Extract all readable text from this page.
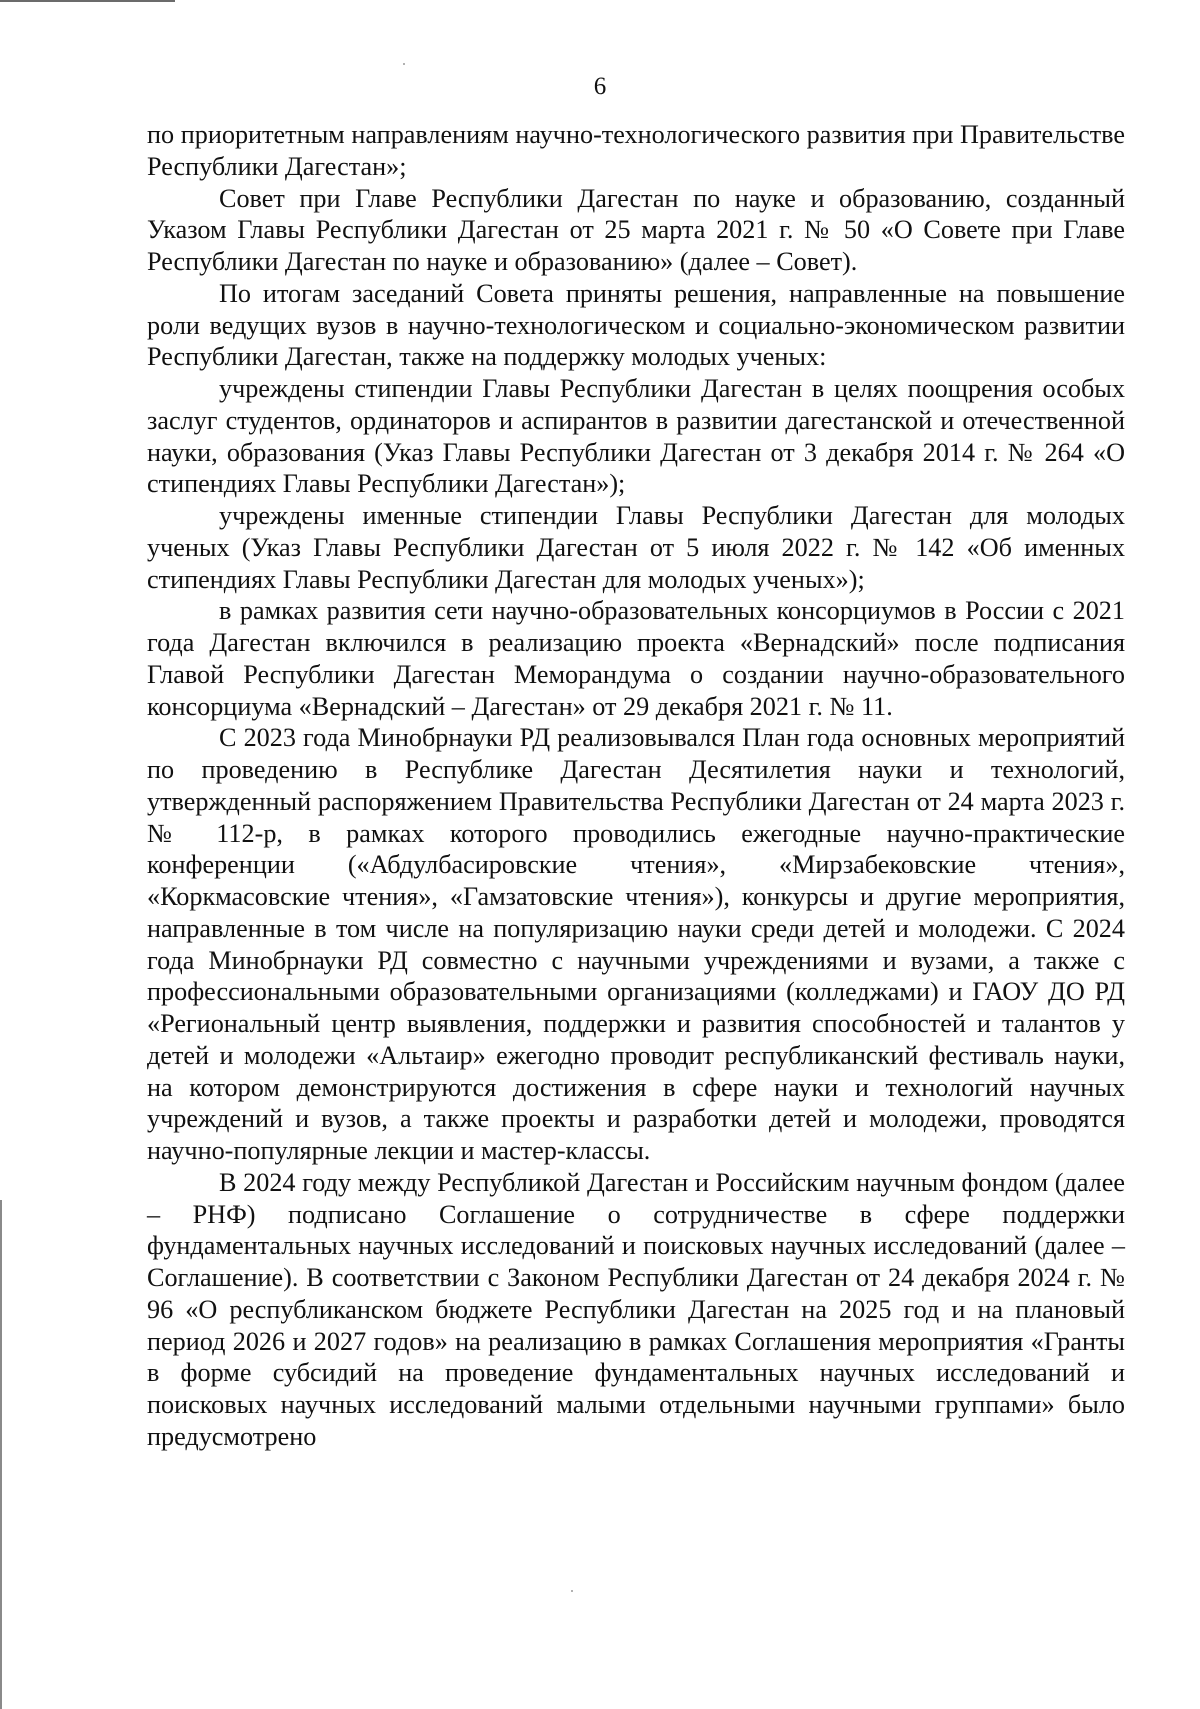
6

по приоритетным направлениям научно-технологического развития при Правительстве Республики Дагестан»;

Совет при Главе Республики Дагестан по науке и образованию, созданный Указом Главы Республики Дагестан от 25 марта 2021 г. № 50 «О Совете при Главе Республики Дагестан по науке и образованию» (далее – Совет).

По итогам заседаний Совета приняты решения, направленные на повышение роли ведущих вузов в научно-технологическом и социально-экономическом развитии Республики Дагестан, также на поддержку молодых ученых:

учреждены стипендии Главы Республики Дагестан в целях поощрения особых заслуг студентов, ординаторов и аспирантов в развитии дагестанской и отечественной науки, образования (Указ Главы Республики Дагестан от 3 декабря 2014 г. № 264 «О стипендиях Главы Республики Дагестан»);

учреждены именные стипендии Главы Республики Дагестан для молодых ученых (Указ Главы Республики Дагестан от 5 июля 2022 г. № 142 «Об именных стипендиях Главы Республики Дагестан для молодых ученых»);

в рамках развития сети научно-образовательных консорциумов в России с 2021 года Дагестан включился в реализацию проекта «Вернадский» после подписания Главой Республики Дагестан Меморандума о создании научно-образовательного консорциума «Вернадский – Дагестан» от 29 декабря 2021 г. № 11.

С 2023 года Минобрнауки РД реализовывался План года основных мероприятий по проведению в Республике Дагестан Десятилетия науки и технологий, утвержденный распоряжением Правительства Республики Дагестан от 24 марта 2023 г. № 112-р, в рамках которого проводились ежегодные научно-практические конференции («Абдулбасировские чтения», «Мирзабековские чтения», «Коркмасовские чтения», «Гамзатовские чтения»), конкурсы и другие мероприятия, направленные в том числе на популяризацию науки среди детей и молодежи. С 2024 года Минобрнауки РД совместно с научными учреждениями и вузами, а также с профессиональными образовательными организациями (колледжами) и ГАОУ ДО РД «Региональный центр выявления, поддержки и развития способностей и талантов у детей и молодежи «Альтаир» ежегодно проводит республиканский фестиваль науки, на котором демонстрируются достижения в сфере науки и технологий научных учреждений и вузов, а также проекты и разработки детей и молодежи, проводятся научно-популярные лекции и мастер-классы.

В 2024 году между Республикой Дагестан и Российским научным фондом (далее – РНФ) подписано Соглашение о сотрудничестве в сфере поддержки фундаментальных научных исследований и поисковых научных исследований (далее – Соглашение). В соответствии с Законом Республики Дагестан от 24 декабря 2024 г. № 96 «О республиканском бюджете Республики Дагестан на 2025 год и на плановый период 2026 и 2027 годов» на реализацию в рамках Соглашения мероприятия «Гранты в форме субсидий на проведение фундаментальных научных исследований и поисковых научных исследований малыми отдельными научными группами» было предусмотрено
